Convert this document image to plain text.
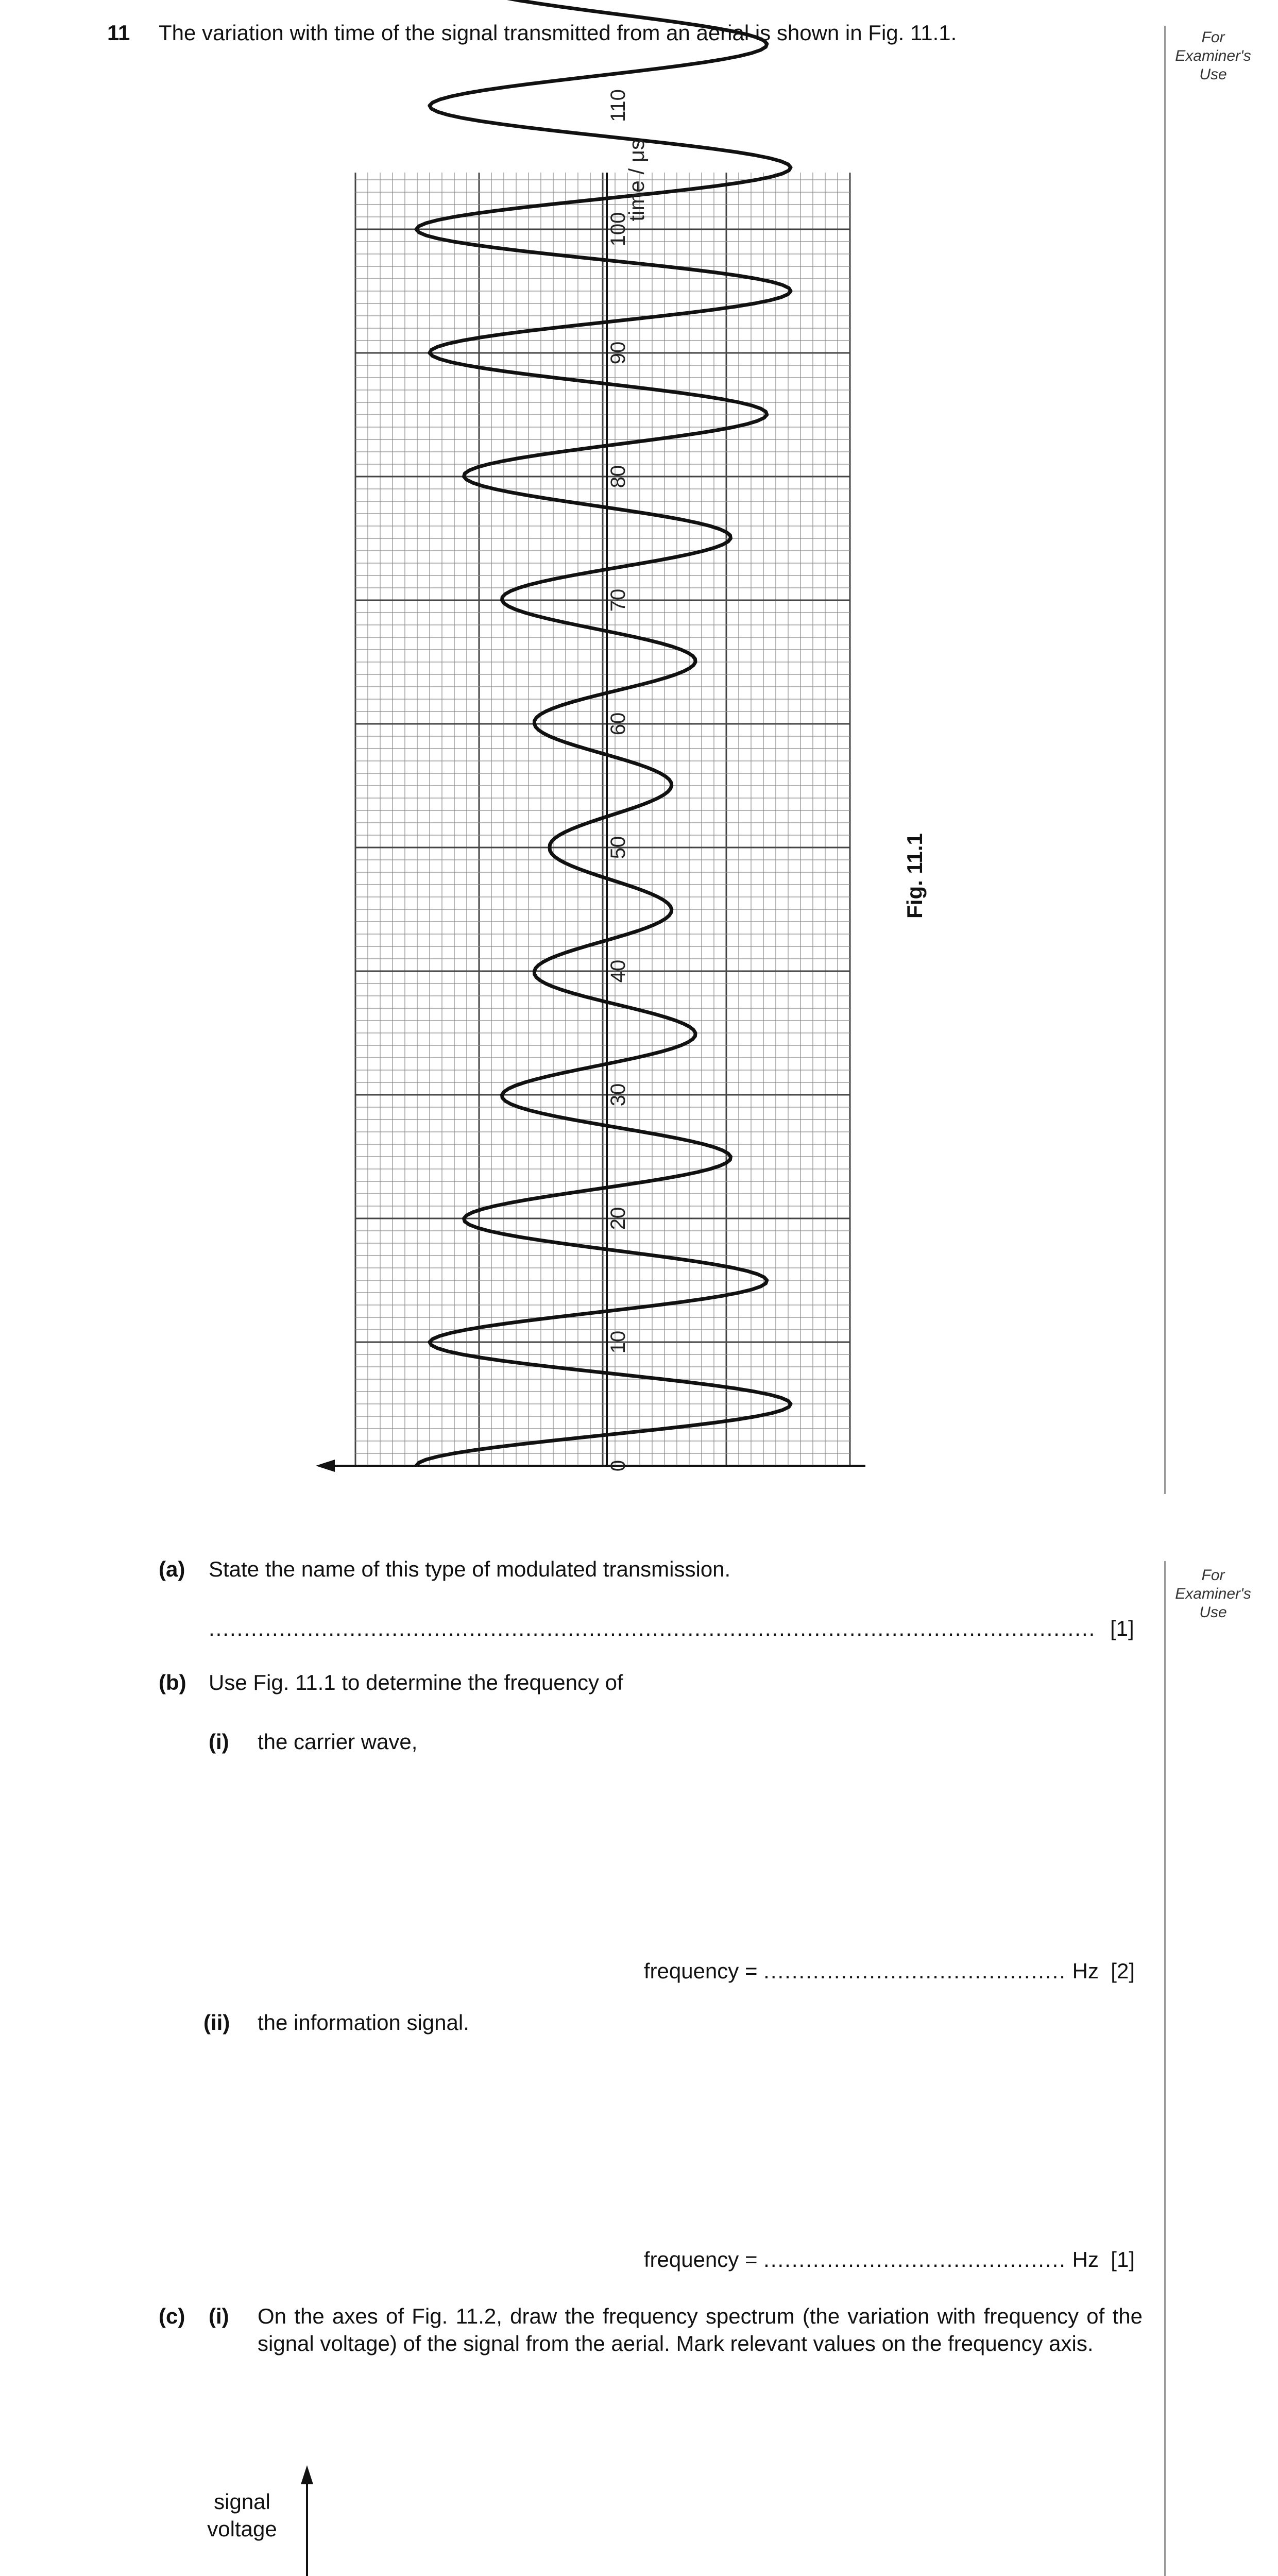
For Examiner's Use
For Examiner's Use
11 The variation with time of the signal transmitted from an aerial is shown in Fig. 11.1.
0
10
20
30
40
50
60
70
80
90
100
110
time / μs
Fig. 11.1
(a) State the name of this type of modulated transmission.
.............................................................................................................................. [1]
(b) Use Fig. 11.1 to determine the frequency of
(i) the carrier wave,
frequency = ........................................... Hz [2]
(ii) the information signal.
frequency = ........................................... Hz [1]
(c) (i) On the axes of Fig. 11.2, draw the frequency spectrum (the variation with frequency of the signal voltage) of the signal from the aerial. Mark relevant values on the frequency axis.
signal
voltage
